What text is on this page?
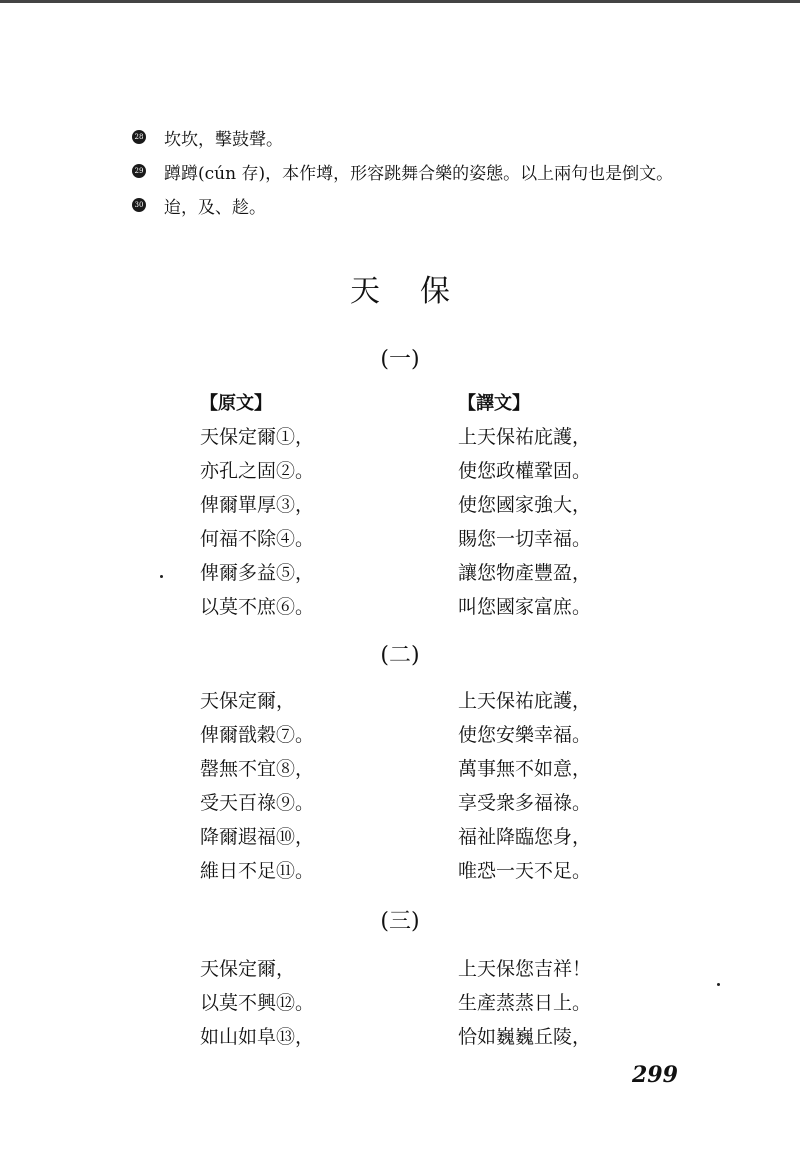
28 坎坎，擊鼓聲。
29 蹲蹲(cún 存)，本作壿，形容跳舞合樂的姿態。以上兩句也是倒文。
30 迨，及、趁。
天保
(一)
【原文】
天保定爾①，
亦孔之固②。
俾爾單厚③，
何福不除④。
俾爾多益⑤，
以莫不庶⑥。
【譯文】
上天保祐庇護，
使您政權鞏固。
使您國家強大，
賜您一切幸福。
讓您物產豐盈，
叫您國家富庶。
(二)
天保定爾，
俾爾戩穀⑦。
罄無不宜⑧，
受天百祿⑨。
降爾遐福⑩，
維日不足⑪。
上天保祐庇護，
使您安樂幸福。
萬事無不如意，
享受衆多福祿。
福祉降臨您身，
唯恐一天不足。
(三)
天保定爾，
以莫不興⑫。
如山如阜⑬，
上天保您吉祥！
生產蒸蒸日上。
恰如巍巍丘陵，
299
